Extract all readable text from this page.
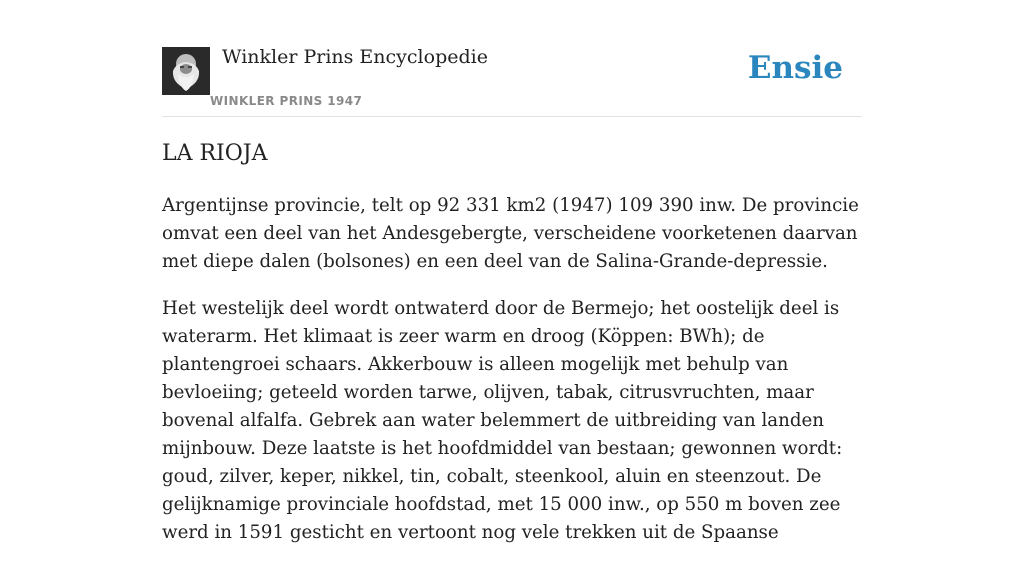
Winkler Prins Encyclopedie
WINKLER PRINS 1947
Ensie
LA RIOJA

Argentijnse provincie, telt op 92 331 km2 (1947) 109 390 inw. De provincie omvat een deel van het Andesgebergte, verscheidene voorketenen daarvan met diepe dalen (bolsones) en een deel van de Salina-Grande-depressie.

Het westelijk deel wordt ontwaterd door de Bermejo; het oostelijk deel is waterarm. Het klimaat is zeer warm en droog (Köppen: BWh); de plantengroei schaars. Akkerbouw is alleen mogelijk met behulp van bevloeiing; geteeld worden tarwe, olijven, tabak, citrusvruchten, maar bovenal alfalfa. Gebrek aan water belemmert de uitbreiding van landen mijnbouw. Deze laatste is het hoofdmiddel van bestaan; gewonnen wordt: goud, zilver, keper, nikkel, tin, cobalt, steenkool, aluin en steenzout. De gelijknamige provinciale hoofdstad, met 15 000 inw., op 550 m boven zee werd in 1591 gesticht en vertoont nog vele trekken uit de Spaanse
